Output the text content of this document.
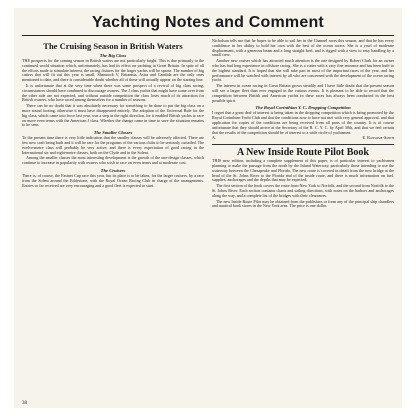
Yachting Notes and Comment
The Cruising Season in British Waters
The Big Class

THE prospects for the coming season in British waters are not particularly bright. This is due primarily to the continued world situation which, unfortunately, has had its effect on yachting in Great Britain. In spite of all the efforts made to stimulate interest, the racing fixtures for the larger yachts will be sparse. The number of big cutters that will fit out this year is small. Shamrock V, Britannia, Astra and Candida are the only ones mentioned to date, and there is considerable doubt whether all of these will actually appear on the starting line.

It is unfortunate that at the very time when there was some prospect of a revival of big class racing, circumstances should have combined to discourage owners. The J class yachts that might have come over from the other side are not expected, and without outside competition the class loses much of its attraction for British owners, who have raced among themselves for a number of seasons.

There can be no doubt that it was absolutely necessary for something to be done to put the big class on a more sound footing, otherwise it must have disappeared entirely. The adoption of the Universal Rule for the big class, which came into force last year, was a step in the right direction, for it enabled British yachts to race on more even terms with the American J class. Whether the change came in time to save the situation remains to be seen.

The Smaller Classes

To the present time there is very little indication that the smaller classes will be adversely affected. There are few new craft being built and it will be rare for the programs of the various clubs to be seriously curtailed. The twelve-metre class will probably be very active, and there is every expectation of good racing in the International six and eight-metre classes, both on the Clyde and in the Solent.

Among the smaller classes the most interesting development is the growth of the one-design classes, which continue to increase in popularity with owners who wish to race on even terms and at moderate cost.

The Cruisers

There is, of course, the Fastnet Cup race this year, but its place is to be taken, for the larger cruisers, by a race from the Solent around the Eddystone, with the Royal Ocean Racing Club in charge of the arrangements. Entries so far received are very encouraging and a good fleet is expected to start.

Nicholson tells me that he hopes to be able to sail her in the Channel races this season, and that he has every confidence in her ability to hold her own with the best of the ocean racers. She is a yawl of moderate displacement, with a generous beam and a long straight keel, and is rigged with a view to easy handling by a small crew.

Another new cruiser which has attracted much attention is the one designed by Robert Clark for an owner who has had long experience in offshore racing. She is a cutter with a very fine entrance and has been built to the highest standard. It is hoped that she will take part in most of the important races of the year, and her performance will be watched with interest by all who are concerned with the development of the ocean racing yacht.

The interest in ocean racing in Great Britain grows steadily and I have little doubt that the present season will see a larger fleet than ever engaged in the various events. It is pleasant to be able to record that the competition between British and American yachts in these races has always been conducted in the best possible spirit.

The Royal Corinthian Y. C. Dropping Competition

I regret that a great deal of interest is being taken in the dropping competition which is being promoted by the Royal Corinthian Yacht Club and that the conditions now to have not met with very general approval, and that application for copies of the conditions are being received from all parts of the country. It is of course unfortunate that they should arrive at the Secretary of the R. C. Y. C. by April 30th, and that we feel certain that the results of the competition should be of interest to a wide circle of yachtsmen.

A.	E. Ransome-Smith
A New Inside Route Pilot Book

THIS new edition, including a complete supplement of this paper, is of particular interest to yachtsmen planning to make the passage from the north by the Inland Waterway, particularly those intending to use the waterway between the Chesapeake and Florida. The new route is covered in detail from the new bridge at the head of the St. Johns River to the Florida end of the inside route, and there is much information on fuel, supplies, anchorages and the depths that may be expected.

The first section of the book covers the route from New York to Norfolk, and the second from Norfolk to the St. Johns River. Each section contains charts and sailing directions, with notes on the harbors and anchorages along the way, and a complete list of the bridges with their clearances.

The new Inside Route Pilot may be obtained from the publishers or from any of the principal ship chandlers and nautical book stores in the New York area. The price is one dollar.

38
